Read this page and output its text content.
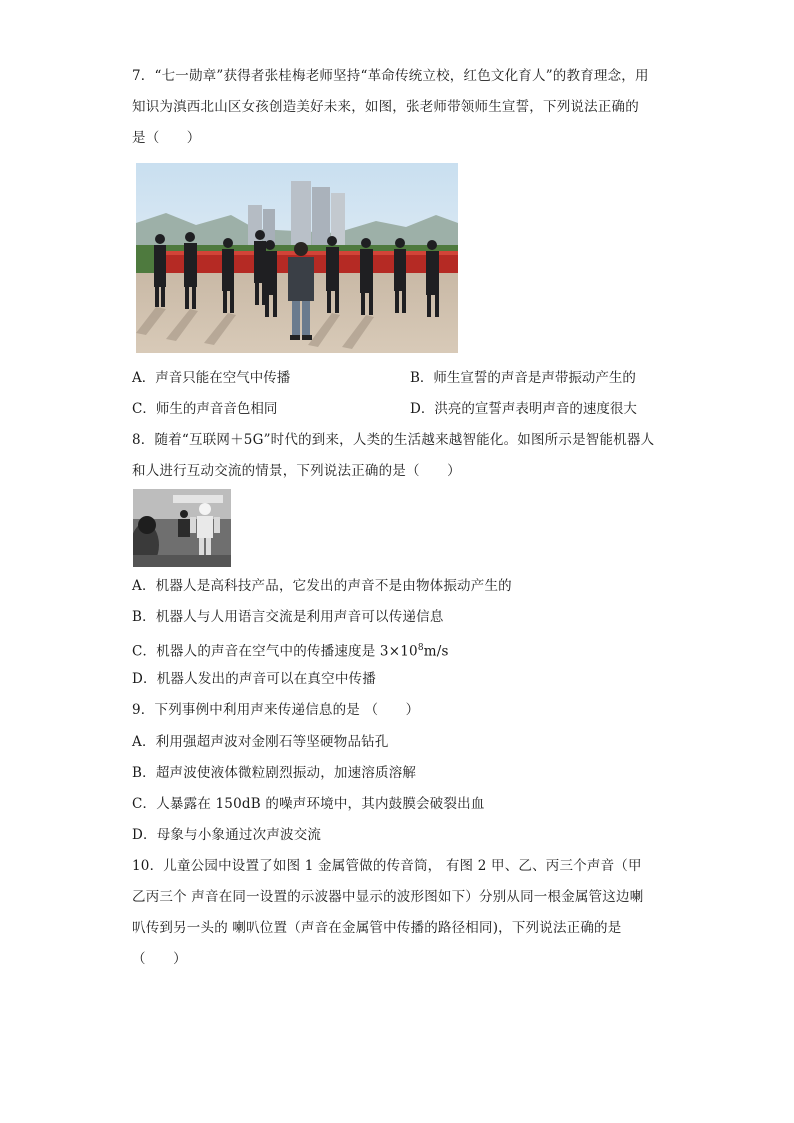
7．“七一勋章”获得者张桂梅老师坚持“革命传统立校，红色文化育人”的教育理念，用
知识为滇西北山区女孩创造美好未来，如图，张老师带领师生宣誓，下列说法正确的
是（　　）
A．声音只能在空气中传播	B．师生宣誓的声音是声带振动产生的
C．师生的声音音色相同	D．洪亮的宣誓声表明声音的速度很大
8．随着“互联网＋5G”时代的到来，人类的生活越来越智能化。如图所示是智能机器人
和人进行互动交流的情景，下列说法正确的是（　　）
A．机器人是高科技产品，它发出的声音不是由物体振动产生的
B．机器人与人用语言交流是利用声音可以传递信息
C．机器人的声音在空气中的传播速度是 $3\times 10^8m/s$
D．机器人发出的声音可以在真空中传播
9．下列事例中利用声来传递信息的是 （　　）
A．利用强超声波对金刚石等坚硬物品钻孔
B．超声波使液体微粒剧烈振动，加速溶质溶解
C．人暴露在 150dB 的噪声环境中，其内鼓膜会破裂出血
D．母象与小象通过次声波交流
10．儿童公园中设置了如图 1 金属管做的传音筒， 有图 2 甲、乙、丙三个声音（甲
乙丙三个 声音在同一设置的示波器中显示的波形图如下）分别从同一根金属管这边喇
叭传到另一头的 喇叭位置（声音在金属管中传播的路径相同)，下列说法正确的是
（　　）
